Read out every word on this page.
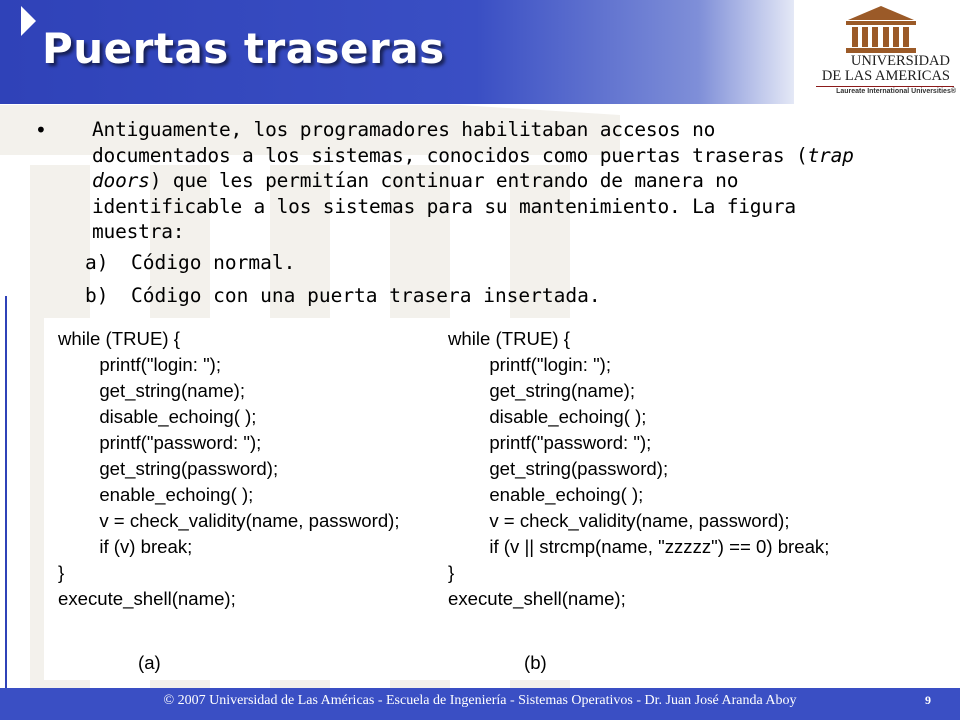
Puertas traseras	UNIVERSIDAD
DE LAS AMERICAS
Laureate International Universities®
• Antiguamente, los programadores habilitaban accesos no documentados a los sistemas, conocidos como puertas traseras (trap doors) que les permitían continuar entrando de manera no identificable a los sistemas para su mantenimiento. La figura muestra:
a) Código normal.
b) Código con una puerta trasera insertada.
while (TRUE) {
printf("login: ");
get_string(name);
disable_echoing( );
printf("password: ");
get_string(password);
enable_echoing( );
v = check_validity(name, password);
if (v) break;
}
execute_shell(name);
while (TRUE) {
printf("login: ");
get_string(name);
disable_echoing( );
printf("password: ");
get_string(password);
enable_echoing( );
v = check_validity(name, password);
if (v || strcmp(name, "zzzzz") == 0) break;
}
execute_shell(name);
(a)	(b)
© 2007 Universidad de Las Américas - Escuela de Ingeniería - Sistemas Operativos - Dr. Juan José Aranda Aboy	9
